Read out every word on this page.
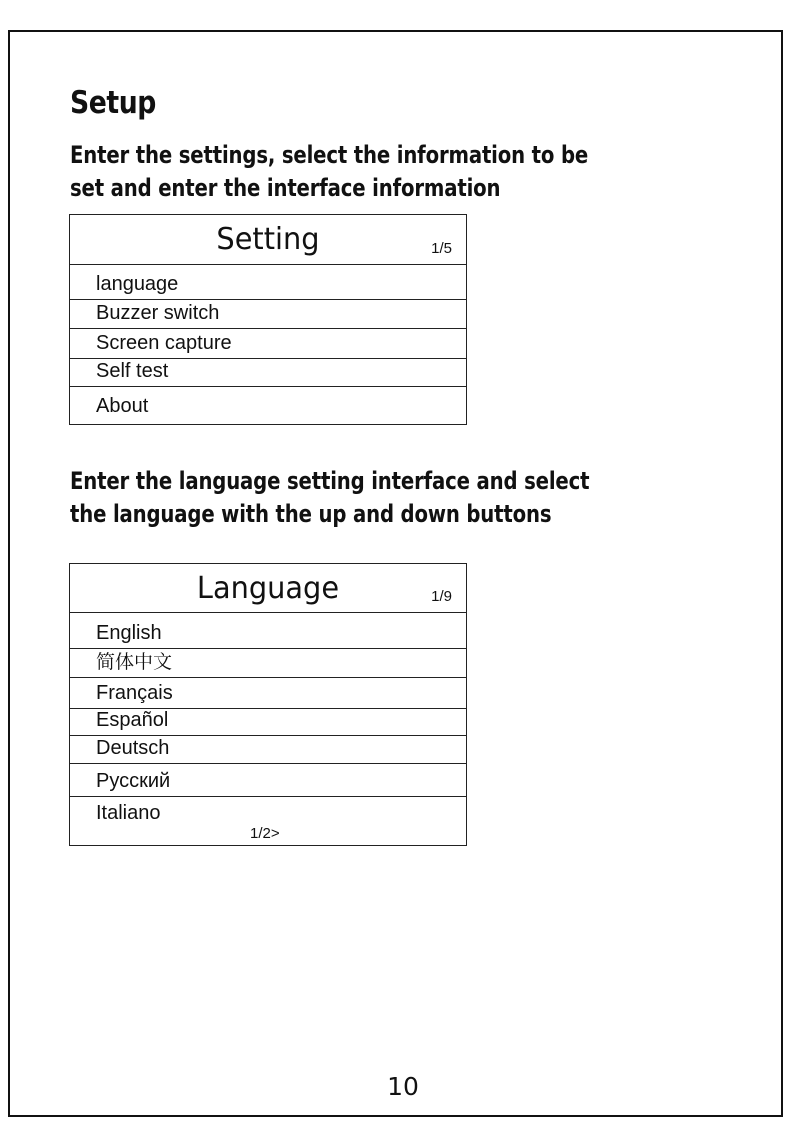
Setup

Enter the settings, select the information to be
set and enter the interface information

Setting	1/5
language
Buzzer switch
Screen capture
Self test
About

Enter the language setting interface and select
the language with the up and down buttons

Language	1/9
English
简体中文
Français
Español
Deutsch
Русский
Italiano
1/2>
10
